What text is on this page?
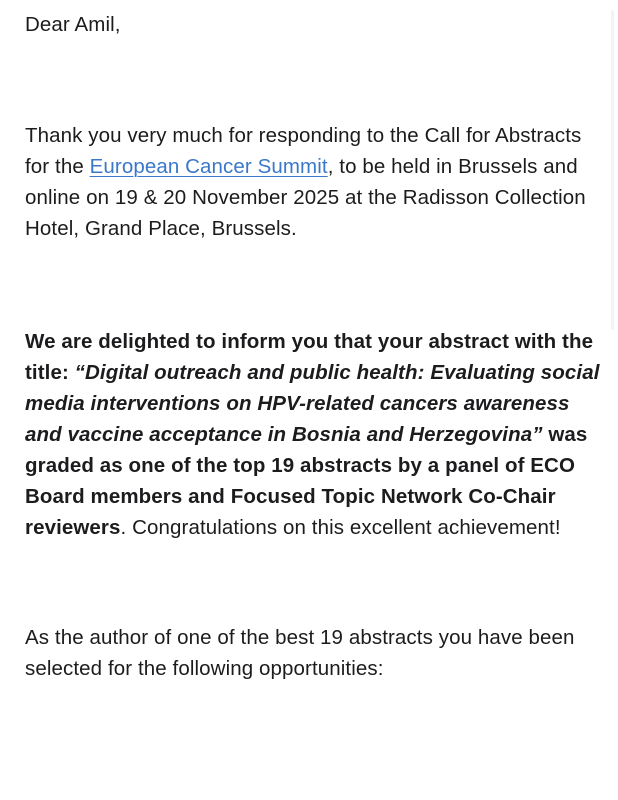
Dear Amil,

Thank you very much for responding to the Call for Abstracts for the European Cancer Summit, to be held in Brussels and online on 19 & 20 November 2025 at the Radisson Collection Hotel, Grand Place, Brussels.

We are delighted to inform you that your abstract with the title: “Digital outreach and public health: Evaluating social media interventions on HPV-related cancers awareness and vaccine acceptance in Bosnia and Herzegovina” was graded as one of the top 19 abstracts by a panel of ECO Board members and Focused Topic Network Co-Chair reviewers. Congratulations on this excellent achievement!

As the author of one of the best 19 abstracts you have been selected for the following opportunities:
